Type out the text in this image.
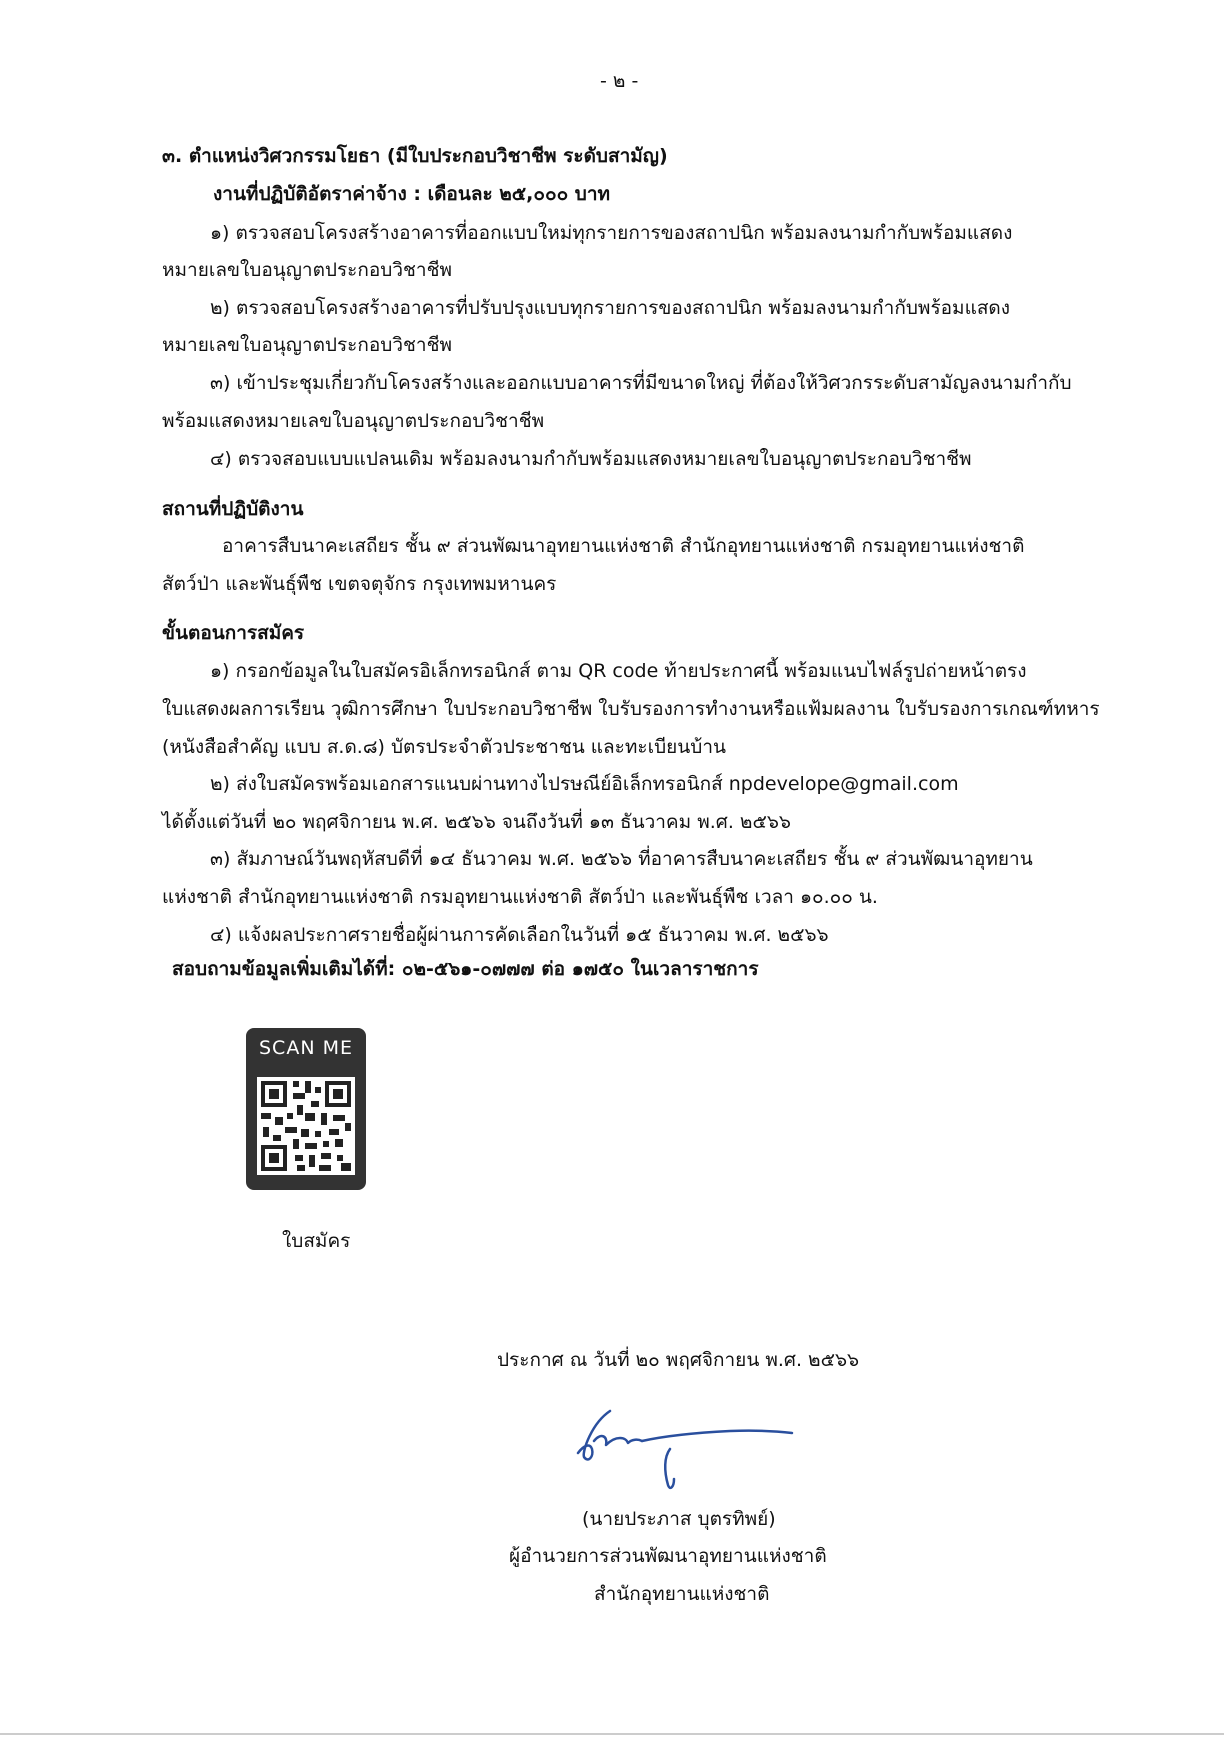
- ๒ -
๓. ตำแหน่งวิศวกรรมโยธา (มีใบประกอบวิชาชีพ ระดับสามัญ)
งานที่ปฏิบัติอัตราค่าจ้าง : เดือนละ ๒๕,๐๐๐ บาท
๑) ตรวจสอบโครงสร้างอาคารที่ออกแบบใหม่ทุกรายการของสถาปนิก พร้อมลงนามกำกับพร้อมแสดง
หมายเลขใบอนุญาตประกอบวิชาชีพ
๒) ตรวจสอบโครงสร้างอาคารที่ปรับปรุงแบบทุกรายการของสถาปนิก พร้อมลงนามกำกับพร้อมแสดง
หมายเลขใบอนุญาตประกอบวิชาชีพ
๓) เข้าประชุมเกี่ยวกับโครงสร้างและออกแบบอาคารที่มีขนาดใหญ่ ที่ต้องให้วิศวกรระดับสามัญลงนามกำกับ
พร้อมแสดงหมายเลขใบอนุญาตประกอบวิชาชีพ
๔) ตรวจสอบแบบแปลนเดิม พร้อมลงนามกำกับพร้อมแสดงหมายเลขใบอนุญาตประกอบวิชาชีพ
สถานที่ปฏิบัติงาน
อาคารสืบนาคะเสถียร ชั้น ๙ ส่วนพัฒนาอุทยานแห่งชาติ สำนักอุทยานแห่งชาติ กรมอุทยานแห่งชาติ
สัตว์ป่า และพันธุ์พืช เขตจตุจักร กรุงเทพมหานคร
ขั้นตอนการสมัคร
๑) กรอกข้อมูลในใบสมัครอิเล็กทรอนิกส์ ตาม QR code ท้ายประกาศนี้ พร้อมแนบไฟล์รูปถ่ายหน้าตรง
ใบแสดงผลการเรียน วุฒิการศึกษา ใบประกอบวิชาชีพ ใบรับรองการทำงานหรือแฟ้มผลงาน ใบรับรองการเกณฑ์ทหาร
(หนังสือสำคัญ แบบ ส.ด.๘) บัตรประจำตัวประชาชน และทะเบียนบ้าน
๒) ส่งใบสมัครพร้อมเอกสารแนบผ่านทางไปรษณีย์อิเล็กทรอนิกส์ npdevelope@gmail.com
ได้ตั้งแต่วันที่ ๒๐ พฤศจิกายน พ.ศ. ๒๕๖๖ จนถึงวันที่ ๑๓ ธันวาคม พ.ศ. ๒๕๖๖
๓) สัมภาษณ์วันพฤหัสบดีที่ ๑๔ ธันวาคม พ.ศ. ๒๕๖๖ ที่อาคารสืบนาคะเสถียร ชั้น ๙ ส่วนพัฒนาอุทยาน
แห่งชาติ สำนักอุทยานแห่งชาติ กรมอุทยานแห่งชาติ สัตว์ป่า และพันธุ์พืช เวลา ๑๐.๐๐ น.
๔) แจ้งผลประกาศรายชื่อผู้ผ่านการคัดเลือกในวันที่ ๑๕ ธันวาคม พ.ศ. ๒๕๖๖
สอบถามข้อมูลเพิ่มเติมได้ที่: ๐๒-๕๖๑-๐๗๗๗ ต่อ ๑๗๕๐ ในเวลาราชการ
SCAN ME
ใบสมัคร
ประกาศ ณ วันที่ ๒๐ พฤศจิกายน พ.ศ. ๒๕๖๖
(นายประภาส บุตรทิพย์)
ผู้อำนวยการส่วนพัฒนาอุทยานแห่งชาติ
สำนักอุทยานแห่งชาติ
